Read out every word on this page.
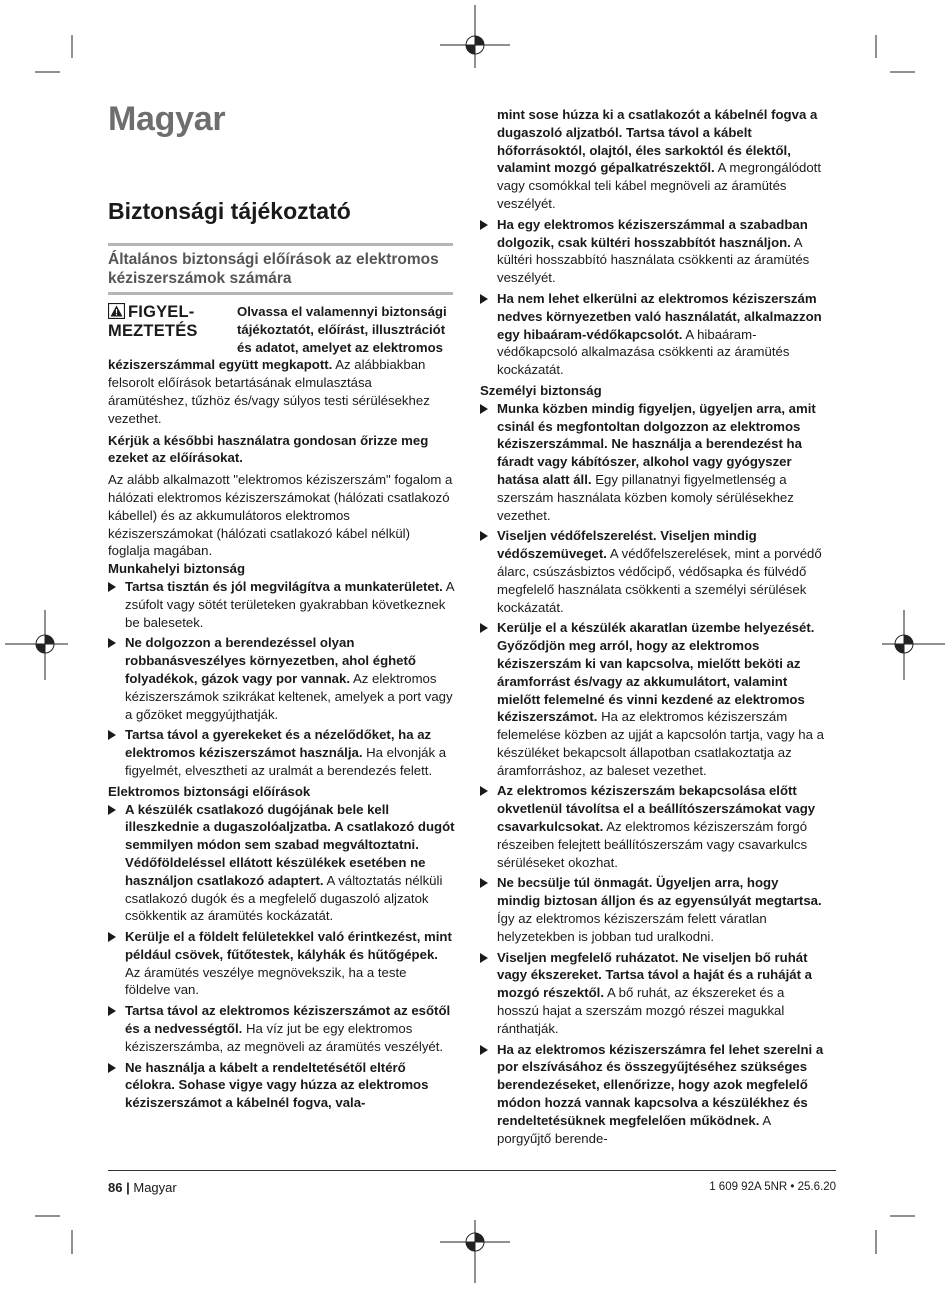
Magyar
Biztonsági tájékoztató
Általános biztonsági előírások az elektromos kéziszerszámok számára
FIGYEL-
MEZTETÉS

Olvassa el valamennyi biztonsági tájékoztatót, előírást, illusztrációt és adatot, amelyet az elektromos kéziszerszámmal együtt megkapott. Az alábbiakban felsorolt előírások betartásának elmulasztása áramütéshez, tűzhöz és/vagy súlyos testi sérülésekhez vezethet.

Kérjük a későbbi használatra gondosan őrizze meg ezeket az előírásokat.

Az alább alkalmazott "elektromos kéziszerszám" fogalom a hálózati elektromos kéziszerszámokat (hálózati csatlakozó kábellel) és az akkumulátoros elektromos kéziszerszámokat (hálózati csatlakozó kábel nélkül) foglalja magában.

Munkahelyi biztonság

Tartsa tisztán és jól megvilágítva a munkaterületet. A zsúfolt vagy sötét területeken gyakrabban következnek be balesetek.
Ne dolgozzon a berendezéssel olyan robbanásveszélyes környezetben, ahol éghető folyadékok, gázok vagy por vannak. Az elektromos kéziszerszámok szikrákat keltenek, amelyek a port vagy a gőzöket meggyújthatják.
Tartsa távol a gyerekeket és a nézelődőket, ha az elektromos kéziszerszámot használja. Ha elvonják a figyelmét, elvesztheti az uralmát a berendezés felett.

Elektromos biztonsági előírások

A készülék csatlakozó dugójának bele kell illeszkednie a dugaszolóaljzatba. A csatlakozó dugót semmilyen módon sem szabad megváltoztatni. Védőföldeléssel ellátott készülékek esetében ne használjon csatlakozó adaptert. A változtatás nélküli csatlakozó dugók és a megfelelő dugaszoló aljzatok csökkentik az áramütés kockázatát.
Kerülje el a földelt felületekkel való érintkezést, mint például csövek, fűtőtestek, kályhák és hűtőgépek. Az áramütés veszélye megnövekszik, ha a teste földelve van.
Tartsa távol az elektromos kéziszerszámot az esőtől és a nedvességtől. Ha víz jut be egy elektromos kéziszerszámba, az megnöveli az áramütés veszélyét.
Ne használja a kábelt a rendeltetésétől eltérő célokra. Sohase vigye vagy húzza az elektromos kéziszerszámot a kábelnél fogva, vala-

mint sose húzza ki a csatlakozót a kábelnél fogva a dugaszoló aljzatból. Tartsa távol a kábelt hőforrásoktól, olajtól, éles sarkoktól és élektől, valamint mozgó gépalkatrészektől. A megrongálódott vagy csomókkal teli kábel megnöveli az áramütés veszélyét.

Ha egy elektromos kéziszerszámmal a szabadban dolgozik, csak kültéri hosszabbítót használjon. A kültéri hosszabbító használata csökkenti az áramütés veszélyét.
Ha nem lehet elkerülni az elektromos kéziszerszám nedves környezetben való használatát, alkalmazzon egy hibaáram-védőkapcsolót. A hibaáram-védőkapcsoló alkalmazása csökkenti az áramütés kockázatát.

Személyi biztonság

Munka közben mindig figyeljen, ügyeljen arra, amit csinál és megfontoltan dolgozzon az elektromos kéziszerszámmal. Ne használja a berendezést ha fáradt vagy kábítószer, alkohol vagy gyógyszer hatása alatt áll. Egy pillanatnyi figyelmetlenség a szerszám használata közben komoly sérülésekhez vezethet.
Viseljen védőfelszerelést. Viseljen mindig védőszemüveget. A védőfelszerelések, mint a porvédő álarc, csúszásbiztos védőcipő, védősapka és fülvédő megfelelő használata csökkenti a személyi sérülések kockázatát.
Kerülje el a készülék akaratlan üzembe helyezését. Győződjön meg arról, hogy az elektromos kéziszerszám ki van kapcsolva, mielőtt beköti az áramforrást és/vagy az akkumulátort, valamint mielőtt felemelné és vinni kezdené az elektromos kéziszerszámot. Ha az elektromos kéziszerszám felemelése közben az ujját a kapcsolón tartja, vagy ha a készüléket bekapcsolt állapotban csatlakoztatja az áramforráshoz, az baleset vezethet.
Az elektromos kéziszerszám bekapcsolása előtt okvetlenül távolítsa el a beállítószerszámokat vagy csavarkulcsokat. Az elektromos kéziszerszám forgó részeiben felejtett beállítószerszám vagy csavarkulcs sérüléseket okozhat.
Ne becsülje túl önmagát. Ügyeljen arra, hogy mindig biztosan álljon és az egyensúlyát megtartsa. Így az elektromos kéziszerszám felett váratlan helyzetekben is jobban tud uralkodni.
Viseljen megfelelő ruházatot. Ne viseljen bő ruhát vagy ékszereket. Tartsa távol a haját és a ruháját a mozgó részektől. A bő ruhát, az ékszereket és a hosszú hajat a szerszám mozgó részei magukkal ránthatják.
Ha az elektromos kéziszerszámra fel lehet szerelni a por elszívásához és összegyűjtéséhez szükséges berendezéseket, ellenőrizze, hogy azok megfelelő módon hozzá vannak kapcsolva a készülékhez és rendeltetésüknek megfelelően működnek. A porgyűjtő berende-
86 | Magyar	1 609 92A 5NR • 25.6.20
